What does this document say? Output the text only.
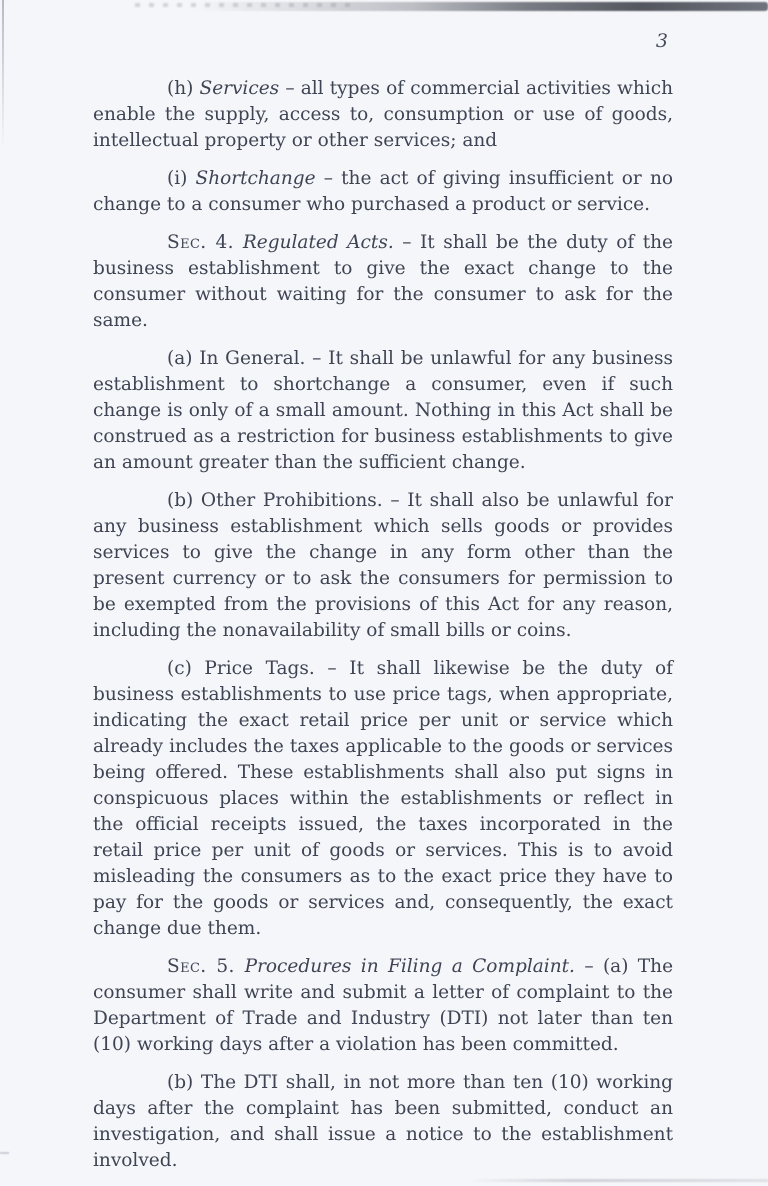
3

(h) Services – all types of commercial activities which enable the supply, access to, consumption or use of goods, intellectual property or other services; and

(i) Shortchange – the act of giving insufficient or no change to a consumer who purchased a product or service.

Sec. 4. Regulated Acts. – It shall be the duty of the business establishment to give the exact change to the consumer without waiting for the consumer to ask for the same.

(a) In General. – It shall be unlawful for any business establishment to shortchange a consumer, even if such change is only of a small amount. Nothing in this Act shall be construed as a restriction for business establishments to give an amount greater than the sufficient change.

(b) Other Prohibitions. – It shall also be unlawful for any business establishment which sells goods or provides services to give the change in any form other than the present currency or to ask the consumers for permission to be exempted from the provisions of this Act for any reason, including the nonavailability of small bills or coins.

(c) Price Tags. – It shall likewise be the duty of business establishments to use price tags, when appropriate, indicating the exact retail price per unit or service which already includes the taxes applicable to the goods or services being offered. These establishments shall also put signs in conspicuous places within the establishments or reflect in the official receipts issued, the taxes incorporated in the retail price per unit of goods or services. This is to avoid misleading the consumers as to the exact price they have to pay for the goods or services and, consequently, the exact change due them.

Sec. 5. Procedures in Filing a Complaint. – (a) The consumer shall write and submit a letter of complaint to the Department of Trade and Industry (DTI) not later than ten (10) working days after a violation has been committed.

(b) The DTI shall, in not more than ten (10) working days after the complaint has been submitted, conduct an investigation, and shall issue a notice to the establishment involved.
